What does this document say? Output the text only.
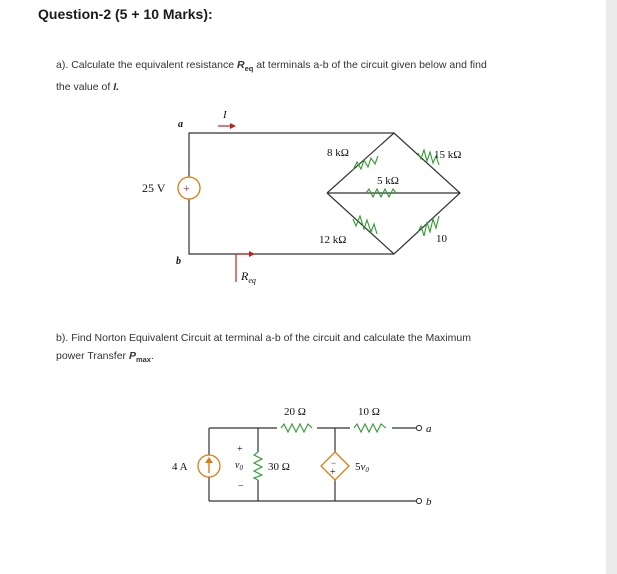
Question-2 (5 + 10 Marks):
a). Calculate the equivalent resistance $R_{eq}$ at terminals a-b of the circuit given below and find
the value of I.
b). Find Norton Equivalent Circuit at terminal a-b of the circuit and calculate the Maximum
power Transfer $P_{max}$.
+
25 V
a
b
I
8 kΩ	15 kΩ
5 kΩ
12 kΩ	10
$R_{eq}$
4 A	−
+ 5v0
+
$v_0$
−
20 Ω	10 Ω
30 Ω
a
b
